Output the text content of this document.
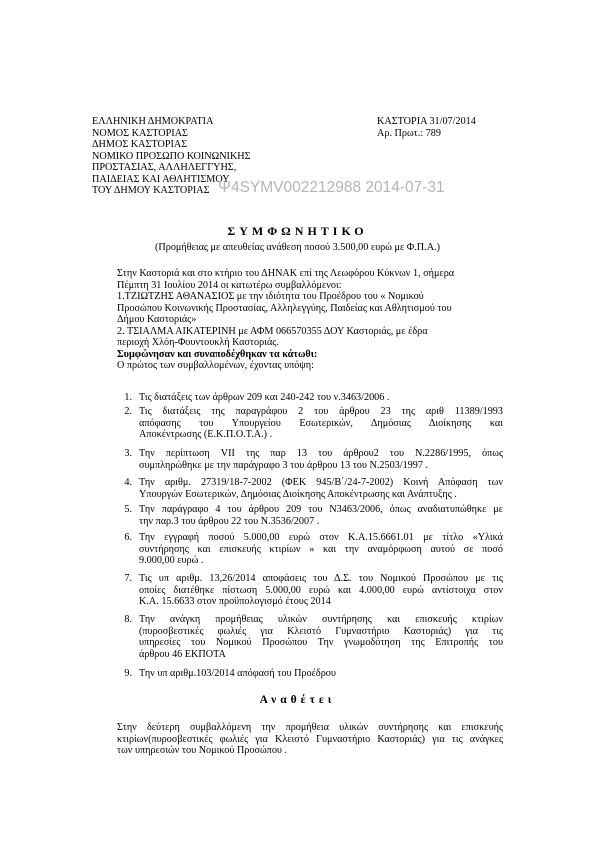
ΕΛΛΗΝΙΚΗ ΔΗΜΟΚΡΑΤΙΑ
ΝΟΜΟΣ ΚΑΣΤΟΡΙΑΣ
ΔΗΜΟΣ ΚΑΣΤΟΡΙΑΣ
ΝΟΜΙΚΟ ΠΡΟΣΩΠΟ ΚΟΙΝΩΝΙΚΗΣ
ΠΡΟΣΤΑΣΙΑΣ, ΑΛΛΗΛΕΓΓΥΗΣ,
ΠΑΙΔΕΙΑΣ ΚΑΙ ΑΘΛΗΤΙΣΜΟΥ
ΤΟΥ ΔΗΜΟΥ ΚΑΣΤΟΡΙΑΣ
ΚΑΣΤΟΡΙΑ 31/07/2014
Αρ. Πρωτ.: 789
Ψ4SYMV002212988 2014-07-31
ΣΥΜΦΩΝΗΤΙΚΟ
(Προμήθειας με απευθείας ανάθεση ποσού 3.500,00 ευρώ με Φ.Π.Α.)
Στην Καστοριά και στο κτήριο του ΔΗΝΑΚ επί της Λεωφόρου Κύκνων 1, σήμερα
Πέμπτη 31 Ιουλίου 2014 οι κατωτέρω συμβαλλόμενοι:
1.ΤΖΙΩΤΖΗΣ ΑΘΑΝΑΣΙΟΣ με την ιδιότητα του Προέδρου του « Νομικού
Προσώπου Κοινωνικής Προστασίας, Αλληλεγγύης, Παιδείας και Αθλητισμού του
Δήμου Καστοριάς»
2. ΤΣΙΑΛΜΑ ΑΙΚΑΤΕΡΙΝΗ με ΑΦΜ 066570355 ΔΟΥ Καστοριάς, με έδρα
περιοχή Χλόη-Φουντουκλή Καστοριάς.
Συμφώνησαν και συναποδέχθηκαν τα κάτωθι:
Ο πρώτος των συμβαλλομένων, έχοντας υπόψη:
1. Τις διατάξεις των άρθρων 209 και 240-242 του ν.3463/2006 .
2. Τις διατάξεις της παραγράφου 2 του άρθρου 23 της αριθ 11389/1993
απόφασης του Υπουργείου Εσωτερικών, Δημόσιας Διοίκησης και
Αποκέντρωσης (Ε.Κ.Π.Ο.Τ.Α.) .
3. Την περίπτωση VII της παρ 13 του άρθρου2 του Ν.2286/1995, όπως
συμπληρώθηκε με την παράγραφο 3 του άρθρου 13 του Ν.2503/1997 .
4. Την αριθμ. 27319/18-7-2002 (ΦΕΚ 945/Β΄/24-7-2002) Κοινή Απόφαση των
Υπουργών Εσωτερικών, Δημόσιας Διοίκησης Αποκέντρωσης και Ανάπτυξης .
5. Την παράγραφο 4 του άρθρου 209 του Ν3463/2006, όπως αναδιατυπώθηκε με
την παρ.3 του άρθρου 22 του Ν.3536/2007 .
6. Την εγγραφή ποσού 5.000,00 ευρώ στον Κ.Α.15.6661.01 με τίτλο «Υλικά
συντήρησης και επισκευής κτιρίων » και την αναμόρφωση αυτού σε ποσό
9.000,00 ευρώ .
7. Τις υπ αριθμ. 13,26/2014 αποφάσεις του Δ.Σ. του Νομικού Προσώπου με τις
οποίες διατέθηκε πίστωση 5.000,00 ευρώ και 4.000,00 ευρώ αντίστοιχα στον
Κ.Α. 15.6633 στον προϋπολογισμό έτους 2014
8. Την ανάγκη προμήθειας υλικών συντήρησης και επισκευής κτιρίων
(πυροσβεστικές φωλιές για Κλειστό Γυμναστήριο Καστοριάς) για τις
υπηρεσίες του Νομικού Προσώπου Την γνωμοδότηση της Επιτροπής του
άρθρου 46 ΕΚΠΟΤΑ
9. Την υπ αριθμ.103/2014 απόφασή του Προέδρου
Αναθέτει
Στην δεύτερη συμβαλλόμενη την προμήθεια υλικών συντήρησης και επισκευής
κτιρίων(πυροσβεστικές φωλιές για Κλειστό Γυμναστήριο Καστοριάς) για τις ανάγκες
των υπηρεσιών του Νομικού Προσώπου .
